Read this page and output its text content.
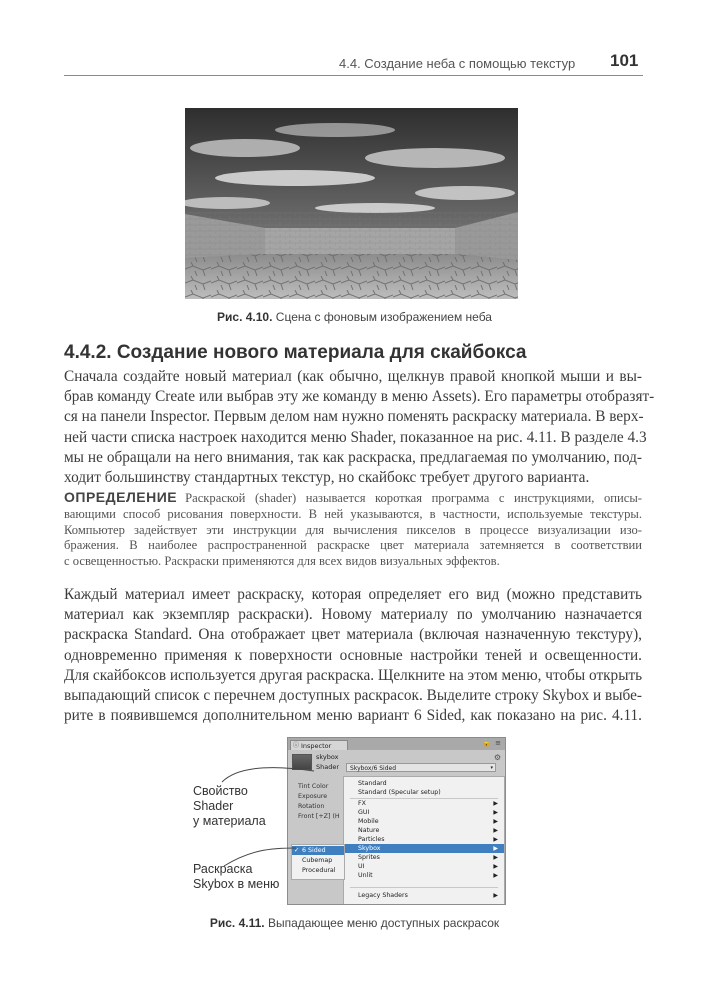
4.4. Создание неба с помощью текстур 101
Рис. 4.10. Сцена с фоновым изображением неба
4.4.2. Создание нового материала для скайбокса
Сначала создайте новый материал (как обычно, щелкнув правой кнопкой мыши и вы-
брав команду Create или выбрав эту же команду в меню Assets). Его параметры отобразят-
ся на панели Inspector. Первым делом нам нужно поменять раскраску материала. В верх-
ней части списка настроек находится меню Shader, показанное на рис. 4.11. В разделе 4.3
мы не обращали на него внимания, так как раскраска, предлагаемая по умолчанию, под-
ходит большинству стандартных текстур, но скайбокс требует другого варианта.
ОПРЕДЕЛЕНИЕ Раскраской (shader) называется короткая программа с инструкциями, описы-
вающими способ рисования поверхности. В ней указываются, в частности, используемые текстуры.
Компьютер задействует эти инструкции для вычисления пикселов в процессе визуализации изо-
бражения. В наиболее распространенной раскраске цвет материала затемняется в соответствии
с освещенностью. Раскраски применяются для всех видов визуальных эффектов.
Каждый материал имеет раскраску, которая определяет его вид (можно представить
материал как экземпляр раскраски). Новому материалу по умолчанию назначается
раскраска Standard. Она отображает цвет материала (включая назначенную текстуру),
одновременно применяя к поверхности основные настройки теней и освещенности.
Для скайбоксов используется другая раскраска. Щелкните на этом меню, чтобы открыть
выпадающий список с перечнем доступных раскрасок. Выделите строку Skybox и выбе-
рите в появившемся дополнительном меню вариант 6 Sided, как показано на рис. 4.11.
ⓘ Inspector	🔒 ≡
skybox
Shader	Skybox/6 Sided	▾
⚙
Tint Color
Exposure
Rotation
Front [+Z] (H
Standard
Standard (Specular setup)
FX	▶
GUI	▶
Mobile	▶
Nature	▶
Particles	▶
Skybox	▶
Sprites	▶
UI	▶
Unlit	▶
Legacy Shaders	▶
✓ 6 Sided
Cubemap
Procedural
Свойство
Shader
у материала
Раскраска
Skybox в меню
Рис. 4.11. Выпадающее меню доступных раскрасок
